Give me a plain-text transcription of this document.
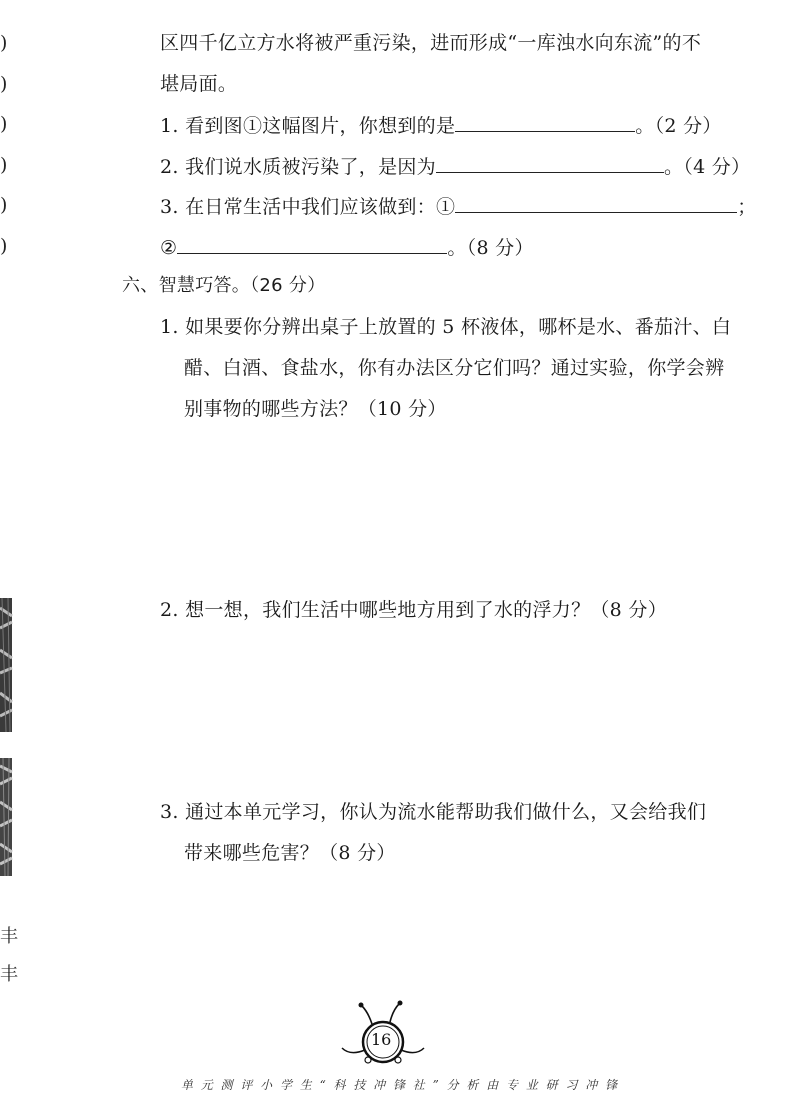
)
)
)
)
)
)
丰
丰
区四千亿立方水将被严重污染，进而形成“一库浊水向东流”的不
堪局面。
1. 看到图①这幅图片，你想到的是	。（2 分）
2. 我们说水质被污染了，是因为	。（4 分）
3. 在日常生活中我们应该做到：①	；
②	。（8 分）
六、智慧巧答。（26 分）
1. 如果要你分辨出桌子上放置的 5 杯液体，哪杯是水、番茄汁、白
醋、白酒、食盐水，你有办法区分它们吗？通过实验，你学会辨
别事物的哪些方法？（10 分）
2. 想一想，我们生活中哪些地方用到了水的浮力？（8 分）
3. 通过本单元学习，你认为流水能帮助我们做什么，又会给我们
带来哪些危害？（8 分）
16
单 元 测 评 小 学 生 “ 科 技 冲 锋 社 ” 分 析 由 专 业 研 习 冲 锋
